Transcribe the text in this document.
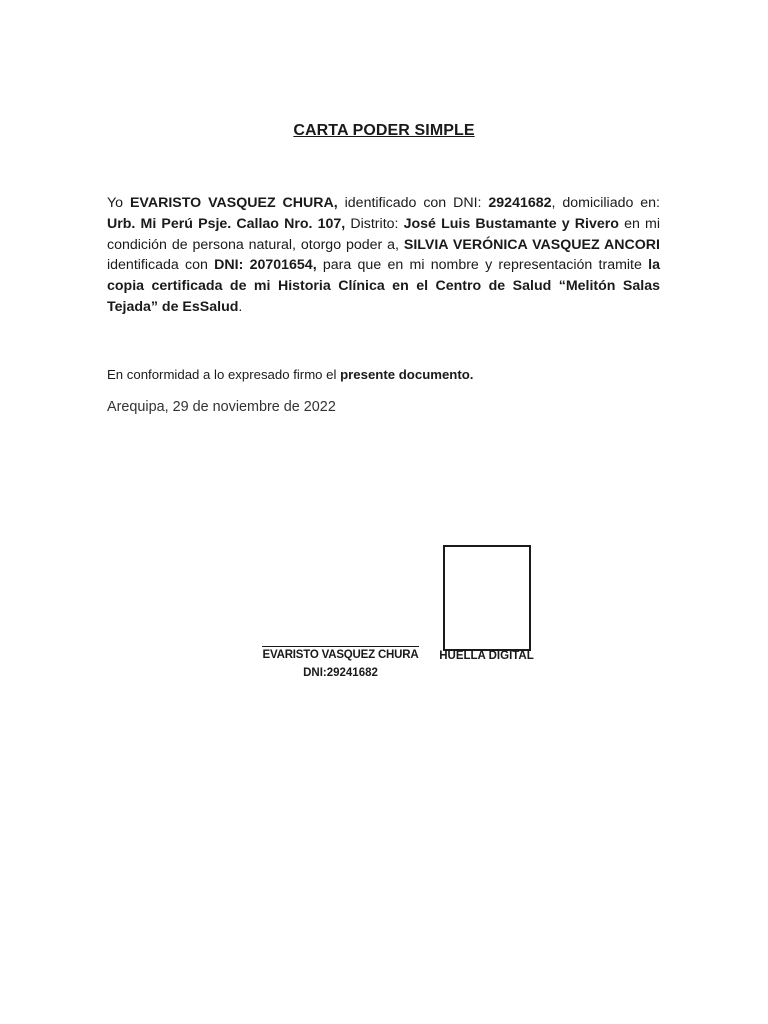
CARTA PODER SIMPLE

Yo EVARISTO VASQUEZ CHURA, identificado con DNI: 29241682, domiciliado en: Urb. Mi Perú Psje. Callao Nro. 107, Distrito: José Luis Bustamante y Rivero en mi condición de persona natural, otorgo poder a, SILVIA VERÓNICA VASQUEZ ANCORI identificada con DNI: 20701654, para que en mi nombre y representación tramite la copia certificada de mi Historia Clínica en el Centro de Salud “Melitón Salas Tejada” de EsSalud.

En conformidad a lo expresado firmo el presente documento.

Arequipa, 29 de noviembre de 2022

EVARISTO VASQUEZ CHURA
DNI:29241682
HUELLA DIGITAL
